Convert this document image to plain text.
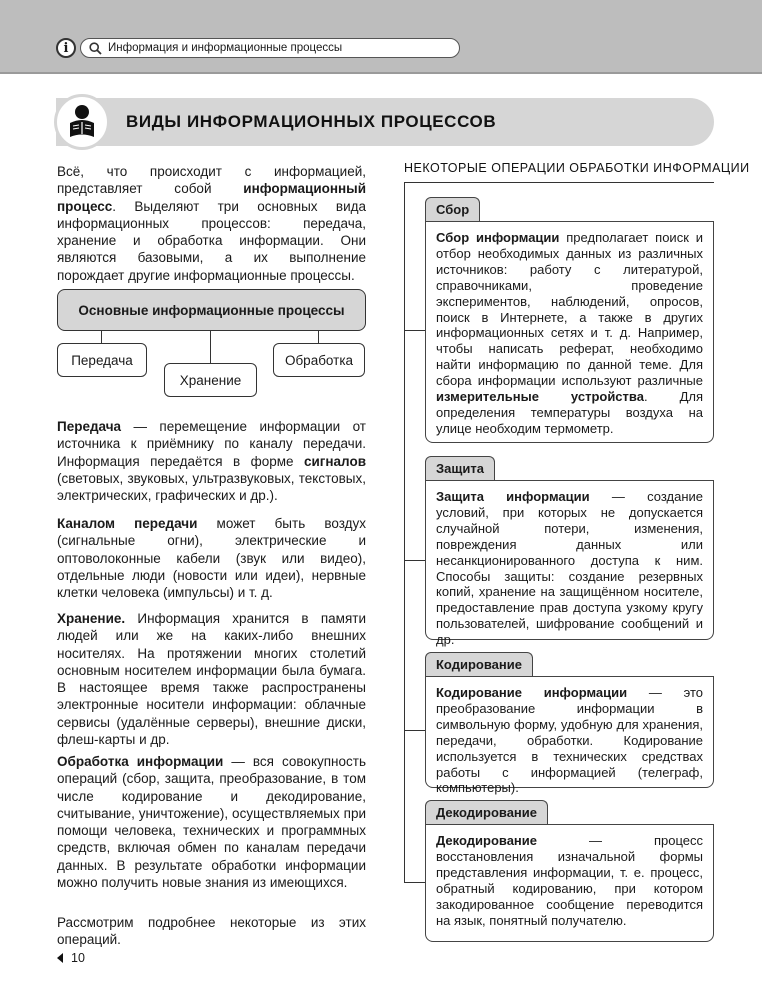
i	Информация и информационные процессы
ВИДЫ ИНФОРМАЦИОННЫХ ПРОЦЕССОВ

Всё, что происходит с информацией, представляет собой информационный процесс. Выделяют три основных вида информационных процессов: передача, хранение и обработка информации. Они являются базовыми, а их выполнение порождает другие информационные процессы.

Основные информационные процессы
Передача
Хранение
Обработка

Передача — перемещение информации от источника к приёмнику по каналу передачи. Информация передаётся в форме сигналов (световых, звуковых, ультразвуковых, текстовых, электрических, графических и др.).

Каналом передачи может быть воздух (сигнальные огни), электрические и оптоволоконные кабели (звук или видео), отдельные люди (новости или идеи), нервные клетки человека (импульсы) и т. д.

Хранение. Информация хранится в памяти людей или же на каких-либо внешних носителях. На протяжении многих столетий основным носителем информации была бумага. В настоящее время также распространены электронные носители информации: облачные сервисы (удалённые серверы), внешние диски, флеш-карты и др.

Обработка информации — вся совокупность операций (сбор, защита, преобразование, в том числе кодирование и декодирование, считывание, уничтожение), осуществляемых при помощи человека, технических и программных средств, включая обмен по каналам передачи данных. В результате обработки информации можно получить новые знания из имеющихся.

Рассмотрим подробнее некоторые из этих операций.

НЕКОТОРЫЕ ОПЕРАЦИИ ОБРАБОТКИ ИНФОРМАЦИИ
Сбор

Сбор информации предполагает поиск и отбор необходимых данных из различных источников: работу с литературой, справочниками, проведение экспериментов, наблюдений, опросов, поиск в Интернете, а также в других информационных сетях и т. д. Например, чтобы написать реферат, необходимо найти информацию по данной теме. Для сбора информации используют различные измерительные устройства. Для определения температуры воздуха на улице необходим термометр.

Защита

Защита информации — создание условий, при которых не допускается случайной потери, изменения, повреждения данных или несанкционированного доступа к ним. Способы защиты: создание резервных копий, хранение на защищённом носителе, предоставление прав доступа узкому кругу пользователей, шифрование сообщений и др.

Кодирование

Кодирование информации — это преобразование информации в символьную форму, удобную для хранения, передачи, обработки. Кодирование используется в технических средствах работы с информацией (телеграф, компьютеры).

Декодирование

Декодирование — процесс восстановления изначальной формы представления информации, т. е. процесс, обратный кодированию, при котором закодированное сообщение переводится на язык, понятный получателю.

10
